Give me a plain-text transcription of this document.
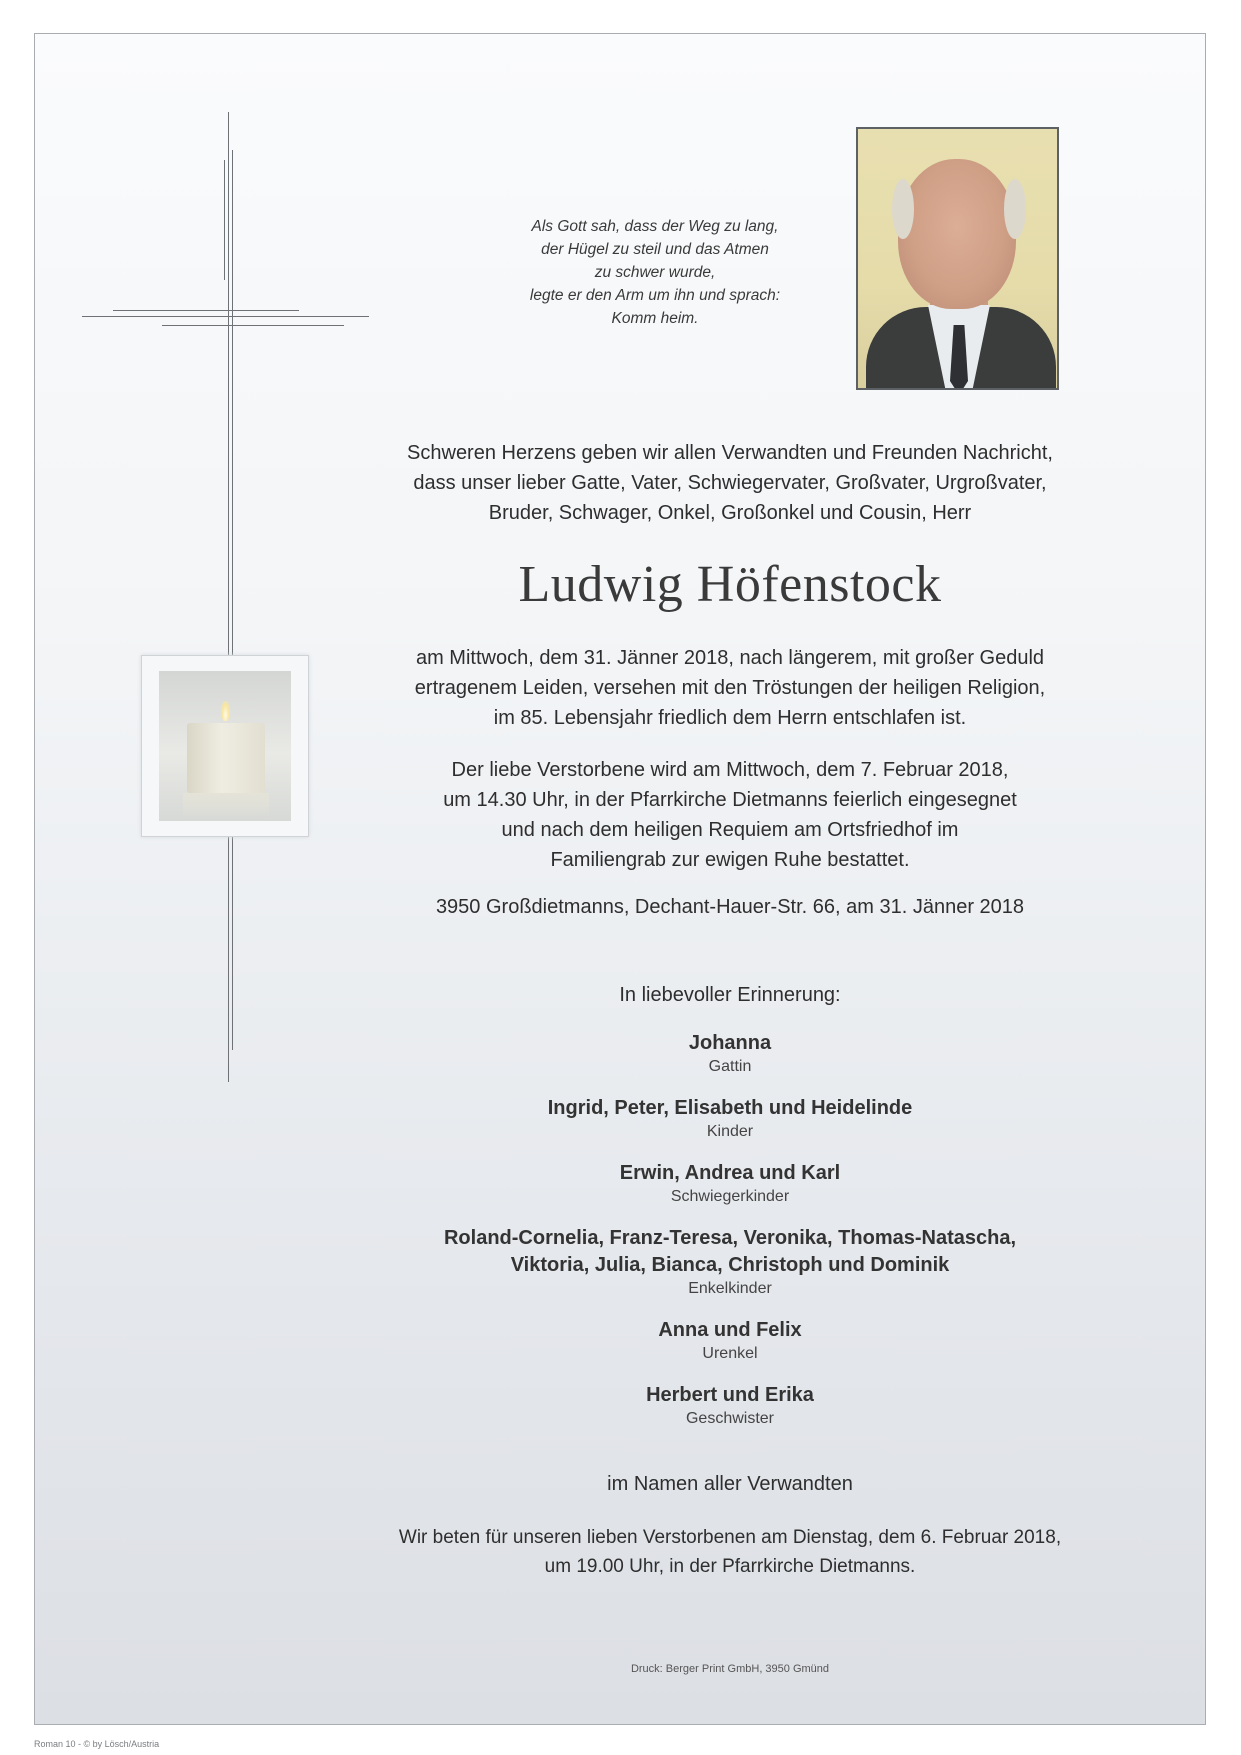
Als Gott sah, dass der Weg zu lang,
der Hügel zu steil und das Atmen
zu schwer wurde,
legte er den Arm um ihn und sprach:
Komm heim.
Schweren Herzens geben wir allen Verwandten und Freunden Nachricht,
dass unser lieber Gatte, Vater, Schwiegervater, Großvater, Urgroßvater,
Bruder, Schwager, Onkel, Großonkel und Cousin, Herr
Ludwig Höfenstock
am Mittwoch, dem 31. Jänner 2018, nach längerem, mit großer Geduld
ertragenem Leiden, versehen mit den Tröstungen der heiligen Religion,
im 85. Lebensjahr friedlich dem Herrn entschlafen ist.
Der liebe Verstorbene wird am Mittwoch, dem 7. Februar 2018,
um 14.30 Uhr, in der Pfarrkirche Dietmanns feierlich eingesegnet
und nach dem heiligen Requiem am Ortsfriedhof im
Familiengrab zur ewigen Ruhe bestattet.
3950 Großdietmanns, Dechant-Hauer-Str. 66, am 31. Jänner 2018
In liebevoller Erinnerung:
Johanna
Gattin
Ingrid, Peter, Elisabeth und Heidelinde
Kinder
Erwin, Andrea und Karl
Schwiegerkinder
Roland-Cornelia, Franz-Teresa, Veronika, Thomas-Natascha,
Viktoria, Julia, Bianca, Christoph und Dominik
Enkelkinder
Anna und Felix
Urenkel
Herbert und Erika
Geschwister
im Namen aller Verwandten
Wir beten für unseren lieben Verstorbenen am Dienstag, dem 6. Februar 2018,
um 19.00 Uhr, in der Pfarrkirche Dietmanns.
Druck: Berger Print GmbH, 3950 Gmünd
Roman 10 - © by Lösch/Austria
